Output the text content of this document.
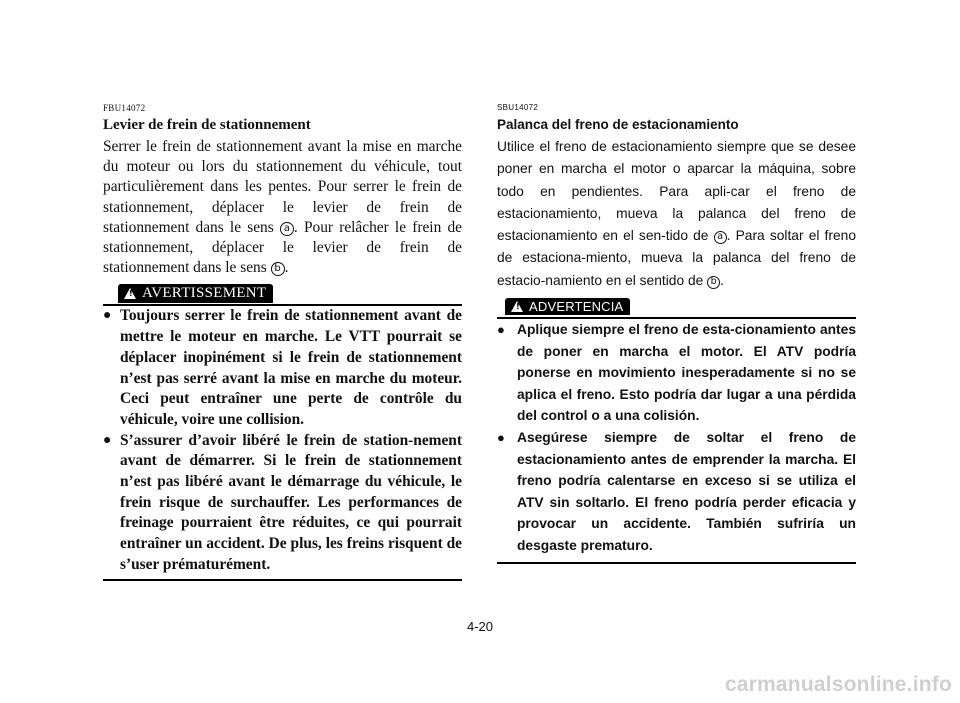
FBU14072
Levier de frein de stationnement

Serrer le frein de stationnement avant la mise en marche du moteur ou lors du stationnement du véhicule, tout particulièrement dans les pentes. Pour serrer le frein de stationnement, déplacer le levier de frein de stationnement dans le sens a . Pour relâcher le frein de stationnement, déplacer le levier de frein de stationnement dans le sens b .

! AVERTISSEMENT
● Toujours serrer le frein de stationnement avant de mettre le moteur en marche. Le VTT pourrait se déplacer inopinément si le frein de stationnement n’est pas serré avant la mise en marche du moteur. Ceci peut entraîner une perte de contrôle du véhicule, voire une collision.
● S’assurer d’avoir libéré le frein de station-nement avant de démarrer. Si le frein de stationnement n’est pas libéré avant le démarrage du véhicule, le frein risque de surchauffer. Les performances de freinage pourraient être réduites, ce qui pourrait entraîner un accident. De plus, les freins risquent de s’user prématurément.
SBU14072
Palanca del freno de estacionamiento

Utilice el freno de estacionamiento siempre que se desee poner en marcha el motor o aparcar la máquina, sobre todo en pendientes. Para apli-car el freno de estacionamiento, mueva la palanca del freno de estacionamiento en el sen-tido de a . Para soltar el freno de estaciona-miento, mueva la palanca del freno de estacio-namiento en el sentido de b .

! ADVERTENCIA
● Aplique siempre el freno de esta-cionamiento antes de poner en marcha el motor. El ATV podría ponerse en movimiento inesperadamente si no se aplica el freno. Esto podría dar lugar a una pérdida del control o a una colisión.
● Asegúrese siempre de soltar el freno de estacionamiento antes de emprender la marcha. El freno podría calentarse en exceso si se utiliza el ATV sin soltarlo. El freno podría perder eficacia y provocar un accidente. También sufriría un desgaste prematuro.
4-20
carmanualsonline.info
